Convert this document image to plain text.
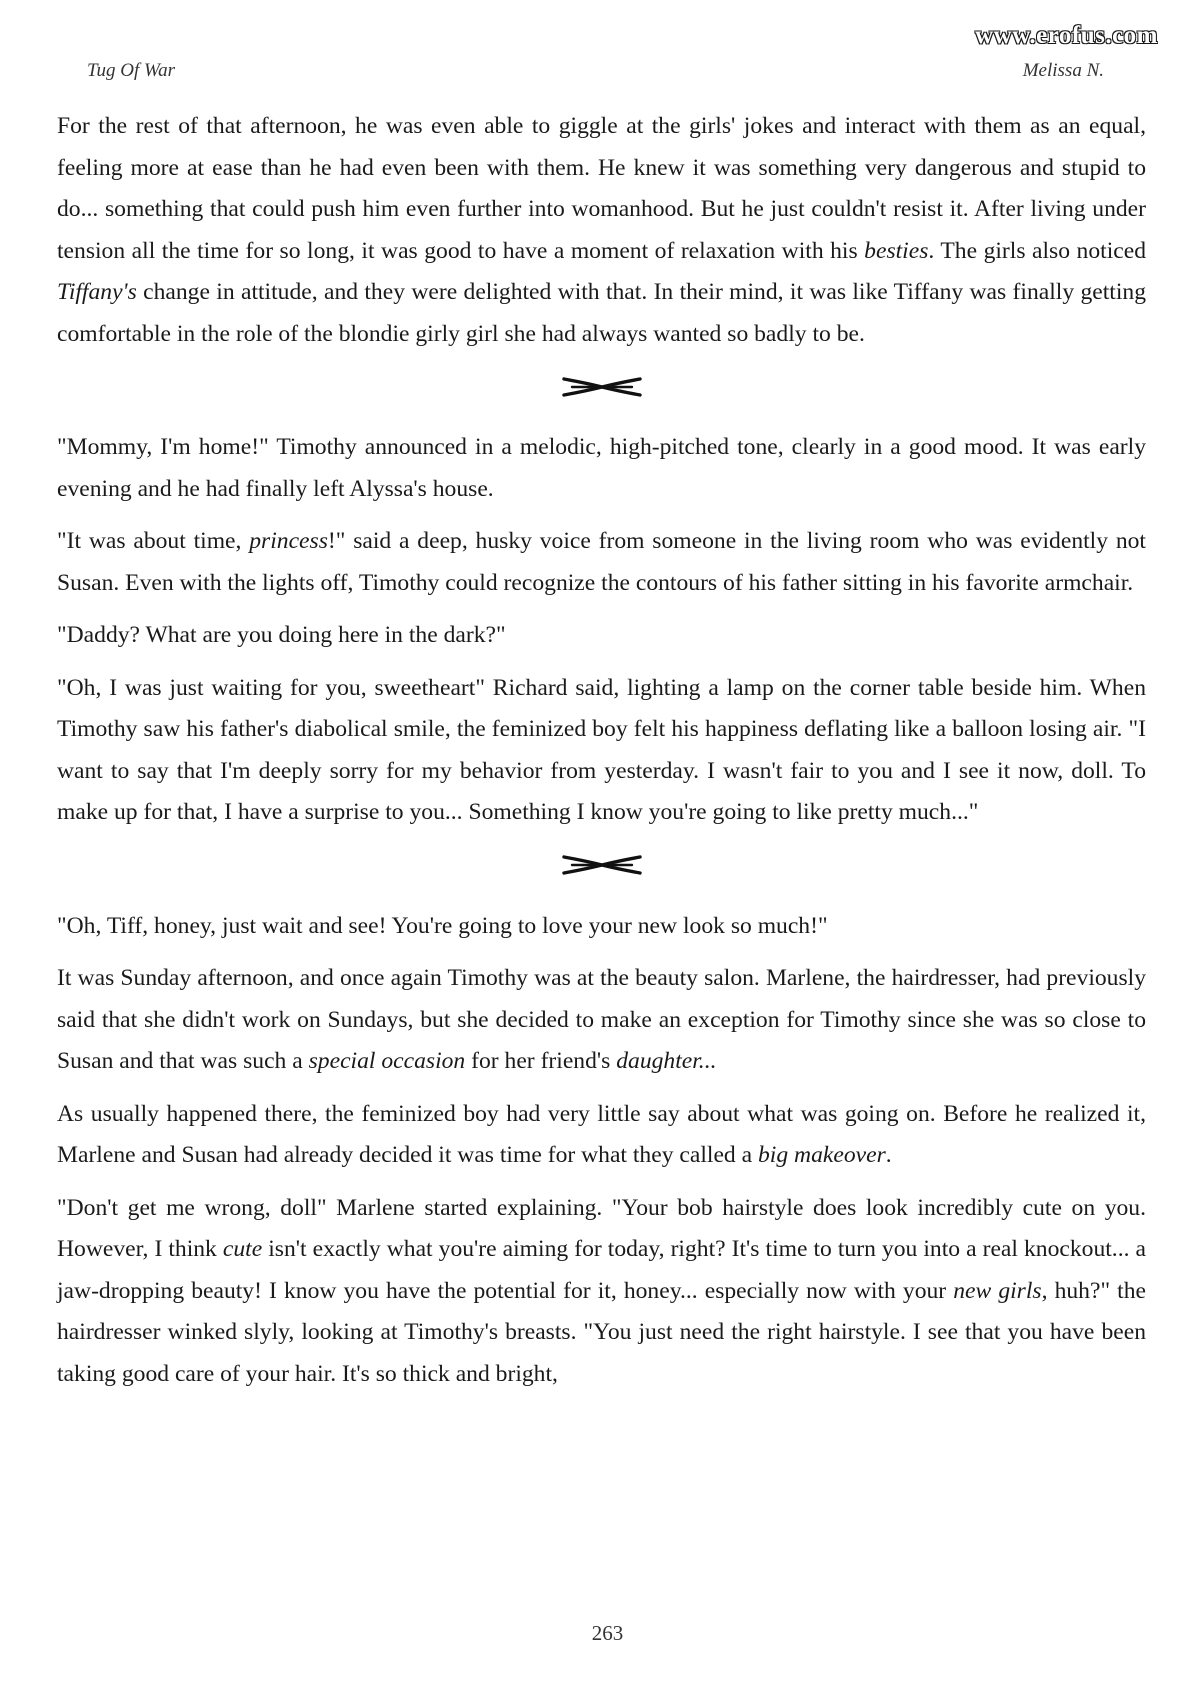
www.erofus.com
Tug Of War	Melissa N.

For the rest of that afternoon, he was even able to giggle at the girls' jokes and interact with them as an equal, feeling more at ease than he had even been with them. He knew it was something very dangerous and stupid to do... something that could push him even further into womanhood. But he just couldn't resist it. After living under tension all the time for so long, it was good to have a moment of relaxation with his besties. The girls also noticed Tiffany's change in attitude, and they were delighted with that. In their mind, it was like Tiffany was finally getting comfortable in the role of the blondie girly girl she had always wanted so badly to be.

"Mommy, I'm home!" Timothy announced in a melodic, high-pitched tone, clearly in a good mood. It was early evening and he had finally left Alyssa's house.

"It was about time, princess!" said a deep, husky voice from someone in the living room who was evidently not Susan. Even with the lights off, Timothy could recognize the contours of his father sitting in his favorite armchair.

"Daddy? What are you doing here in the dark?"

"Oh, I was just waiting for you, sweetheart" Richard said, lighting a lamp on the corner table beside him. When Timothy saw his father's diabolical smile, the feminized boy felt his happiness deflating like a balloon losing air. "I want to say that I'm deeply sorry for my behavior from yesterday. I wasn't fair to you and I see it now, doll. To make up for that, I have a surprise to you... Something I know you're going to like pretty much..."

"Oh, Tiff, honey, just wait and see! You're going to love your new look so much!"

It was Sunday afternoon, and once again Timothy was at the beauty salon. Marlene, the hairdresser, had previously said that she didn't work on Sundays, but she decided to make an exception for Timothy since she was so close to Susan and that was such a special occasion for her friend's daughter...

As usually happened there, the feminized boy had very little say about what was going on. Before he realized it, Marlene and Susan had already decided it was time for what they called a big makeover.

"Don't get me wrong, doll" Marlene started explaining. "Your bob hairstyle does look incredibly cute on you. However, I think cute isn't exactly what you're aiming for today, right? It's time to turn you into a real knockout... a jaw-dropping beauty! I know you have the potential for it, honey... especially now with your new girls, huh?" the hairdresser winked slyly, looking at Timothy's breasts. "You just need the right hairstyle. I see that you have been taking good care of your hair. It's so thick and bright,

263
